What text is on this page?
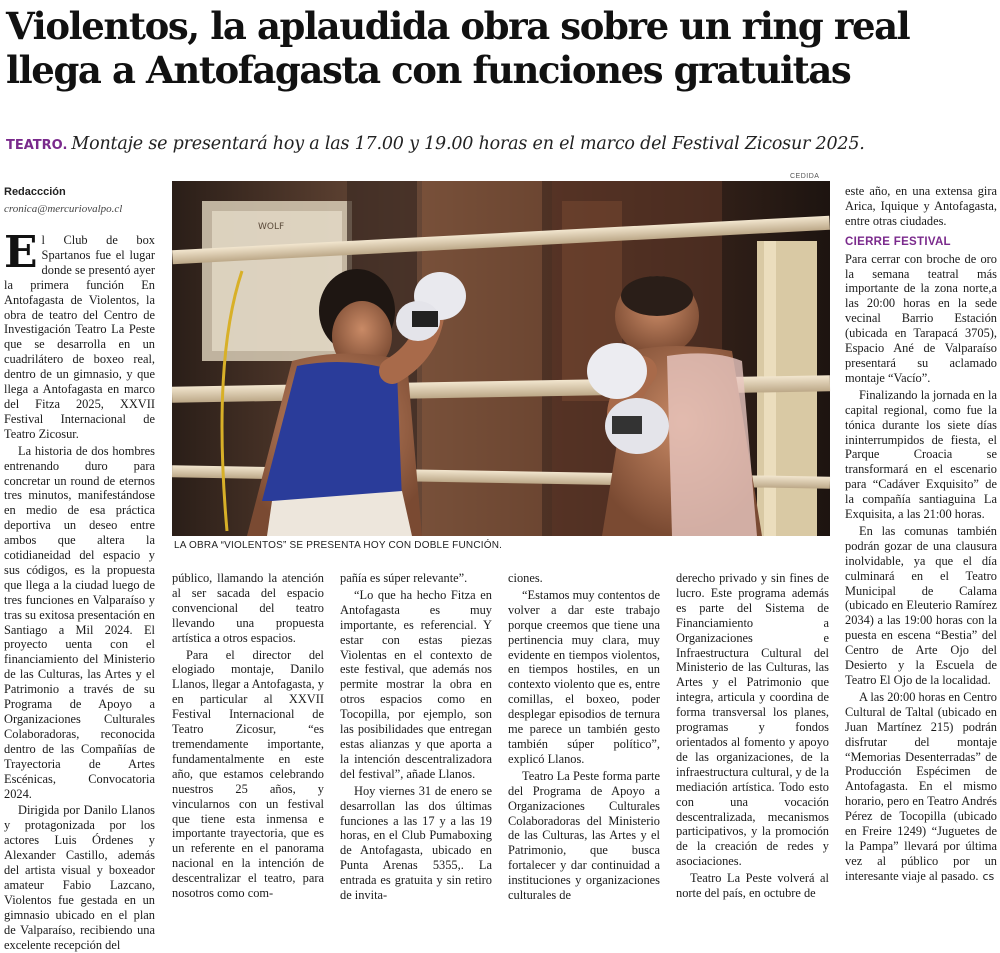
Violentos, la aplaudida obra sobre un ring real llega a Antofagasta con funciones gratuitas
TEATRO. Montaje se presentará hoy a las 17.00 y 19.00 horas en el marco del Festival Zicosur 2025.
Redaccción
cronica@mercuriovalpo.cl

El Club de box Spartanos fue el lugar donde se presentó ayer la primera función En Antofagasta de Violentos, la obra de teatro del Centro de Investigación Teatro La Peste que se desarrolla en un cuadrilátero de boxeo real, dentro de un gimnasio, y que llega a Antofagasta en marco del Fitza 2025, XXVII Festival Internacional de Teatro Zicosur.

La historia de dos hombres entrenando duro para concretar un round de eternos tres minutos, manifestándose en medio de esa práctica deportiva un deseo entre ambos que altera la cotidianeidad del espacio y sus códigos, es la propuesta que llega a la ciudad luego de tres funciones en Valparaíso y tras su exitosa presentación en Santiago a Mil 2024. El proyecto uenta con el financiamiento del Ministerio de las Culturas, las Artes y el Patrimonio a través de su Programa de Apoyo a Organizaciones Culturales Colaboradoras, reconocida dentro de las Compañías de Trayectoria de Artes Escénicas, Convocatoria 2024.

Dirigida por Danilo Llanos y protagonizada por los actores Luis Órdenes y Alexander Castillo, además del artista visual y boxeador amateur Fabio Lazcano, Violentos fue gestada en un gimnasio ubicado en el plan de Valparaíso, recibiendo una excelente recepción del

CEDIDA
WOLF
LA OBRA “VIOLENTOS” SE PRESENTA HOY CON DOBLE FUNCIÓN.

público, llamando la atención al ser sacada del espacio convencional del teatro llevando una propuesta artística a otros espacios.

Para el director del elogiado montaje, Danilo Llanos, llegar a Antofagasta, y en particular al XXVII Festival Internacional de Teatro Zicosur, “es tremendamente importante, fundamentalmente en este año, que estamos celebrando nuestros 25 años, y vincularnos con un festival que tiene esta inmensa e importante trayectoria, que es un referente en el panorama nacional en la intención de descentralizar el teatro, para nosotros como com-

pañía es súper relevante”.

“Lo que ha hecho Fitza en Antofagasta es muy importante, es referencial. Y estar con estas piezas Violentas en el contexto de este festival, que además nos permite mostrar la obra en otros espacios como en Tocopilla, por ejemplo, son las posibilidades que entregan estas alianzas y que aporta a la intención descentralizadora del festival”, añade Llanos.

Hoy viernes 31 de enero se desarrollan las dos últimas funciones a las 17 y a las 19 horas, en el Club Pumaboxing de Antofagasta, ubicado en Punta Arenas 5355,. La entrada es gratuita y sin retiro de invita-

ciones.

“Estamos muy contentos de volver a dar este trabajo porque creemos que tiene una pertinencia muy clara, muy evidente en tiempos violentos, en tiempos hostiles, en un contexto violento que es, entre comillas, el boxeo, poder desplegar episodios de ternura me parece un también gesto también súper político”, explicó Llanos.

Teatro La Peste forma parte del Programa de Apoyo a Organizaciones Culturales Colaboradoras del Ministerio de las Culturas, las Artes y el Patrimonio, que busca fortalecer y dar continuidad a instituciones y organizaciones culturales de

derecho privado y sin fines de lucro. Este programa además es parte del Sistema de Financiamiento a Organizaciones e Infraestructura Cultural del Ministerio de las Culturas, las Artes y el Patrimonio que integra, articula y coordina de forma transversal los planes, programas y fondos orientados al fomento y apoyo de las organizaciones, de la infraestructura cultural, y de la mediación artística. Todo esto con una vocación descentralizada, mecanismos participativos, y la promoción de la creación de redes y asociaciones.

Teatro La Peste volverá al norte del país, en octubre de

este año, en una extensa gira Arica, Iquique y Antofagasta, entre otras ciudades.

CIERRE FESTIVAL

Para cerrar con broche de oro la semana teatral más importante de la zona norte,a las 20:00 horas en la sede vecinal Barrio Estación (ubicada en Tarapacá 3705), Espacio Ané de Valparaíso presentará su aclamado montaje “Vacío”.

Finalizando la jornada en la capital regional, como fue la tónica durante los siete días ininterrumpidos de fiesta, el Parque Croacia se transformará en el escenario para “Cadáver Exquisito” de la compañía santiaguina La Exquisita, a las 21:00 horas.

En las comunas también podrán gozar de una clausura inolvidable, ya que el día culminará en el Teatro Municipal de Calama (ubicado en Eleuterio Ramírez 2034) a las 19:00 horas con la puesta en escena “Bestia” del Centro de Arte Ojo del Desierto y la Escuela de Teatro El Ojo de la localidad.

A las 20:00 horas en Centro Cultural de Taltal (ubicado en Juan Martínez 215) podrán disfrutar del montaje “Memorias Desenterradas” de Producción Espécimen de Antofagasta. En el mismo horario, pero en Teatro Andrés Pérez de Tocopilla (ubicado en Freire 1249) “Juguetes de la Pampa” llevará por última vez al público por un interesante viaje al pasado. cs
